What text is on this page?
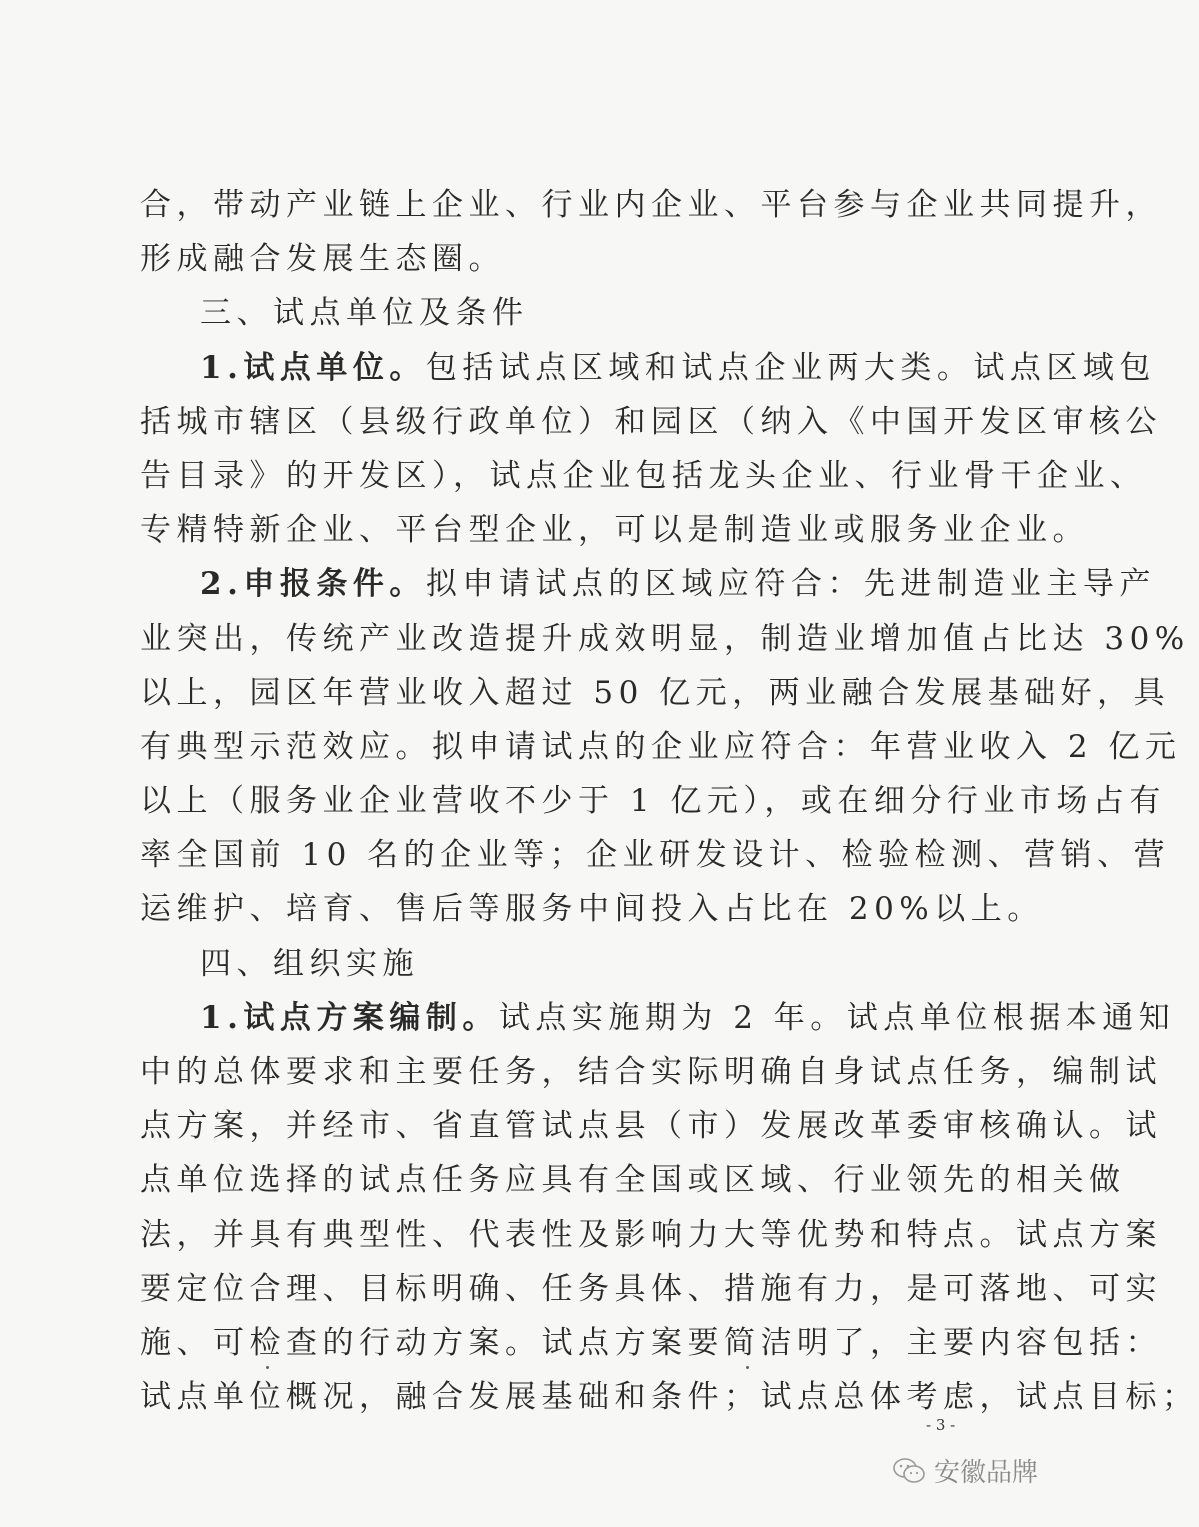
合，带动产业链上企业、行业内企业、平台参与企业共同提升，
形成融合发展生态圈。
三、试点单位及条件
1.试点单位。包括试点区域和试点企业两大类。试点区域包
括城市辖区（县级行政单位）和园区（纳入《中国开发区审核公
告目录》的开发区），试点企业包括龙头企业、行业骨干企业、
专精特新企业、平台型企业，可以是制造业或服务业企业。
2.申报条件。拟申请试点的区域应符合：先进制造业主导产
业突出，传统产业改造提升成效明显，制造业增加值占比达 30%
以上，园区年营业收入超过 50 亿元，两业融合发展基础好，具
有典型示范效应。拟申请试点的企业应符合：年营业收入 2 亿元
以上（服务业企业营收不少于 1 亿元），或在细分行业市场占有
率全国前 10 名的企业等；企业研发设计、检验检测、营销、营
运维护、培育、售后等服务中间投入占比在 20%以上。
四、组织实施
1.试点方案编制。试点实施期为 2 年。试点单位根据本通知
中的总体要求和主要任务，结合实际明确自身试点任务，编制试
点方案，并经市、省直管试点县（市）发展改革委审核确认。试
点单位选择的试点任务应具有全国或区域、行业领先的相关做
法，并具有典型性、代表性及影响力大等优势和特点。试点方案
要定位合理、目标明确、任务具体、措施有力，是可落地、可实
施、可检查的行动方案。试点方案要简洁明了，主要内容包括：
试点单位概况，融合发展基础和条件；试点总体考虑，试点目标；
- 3 -
安徽品牌
